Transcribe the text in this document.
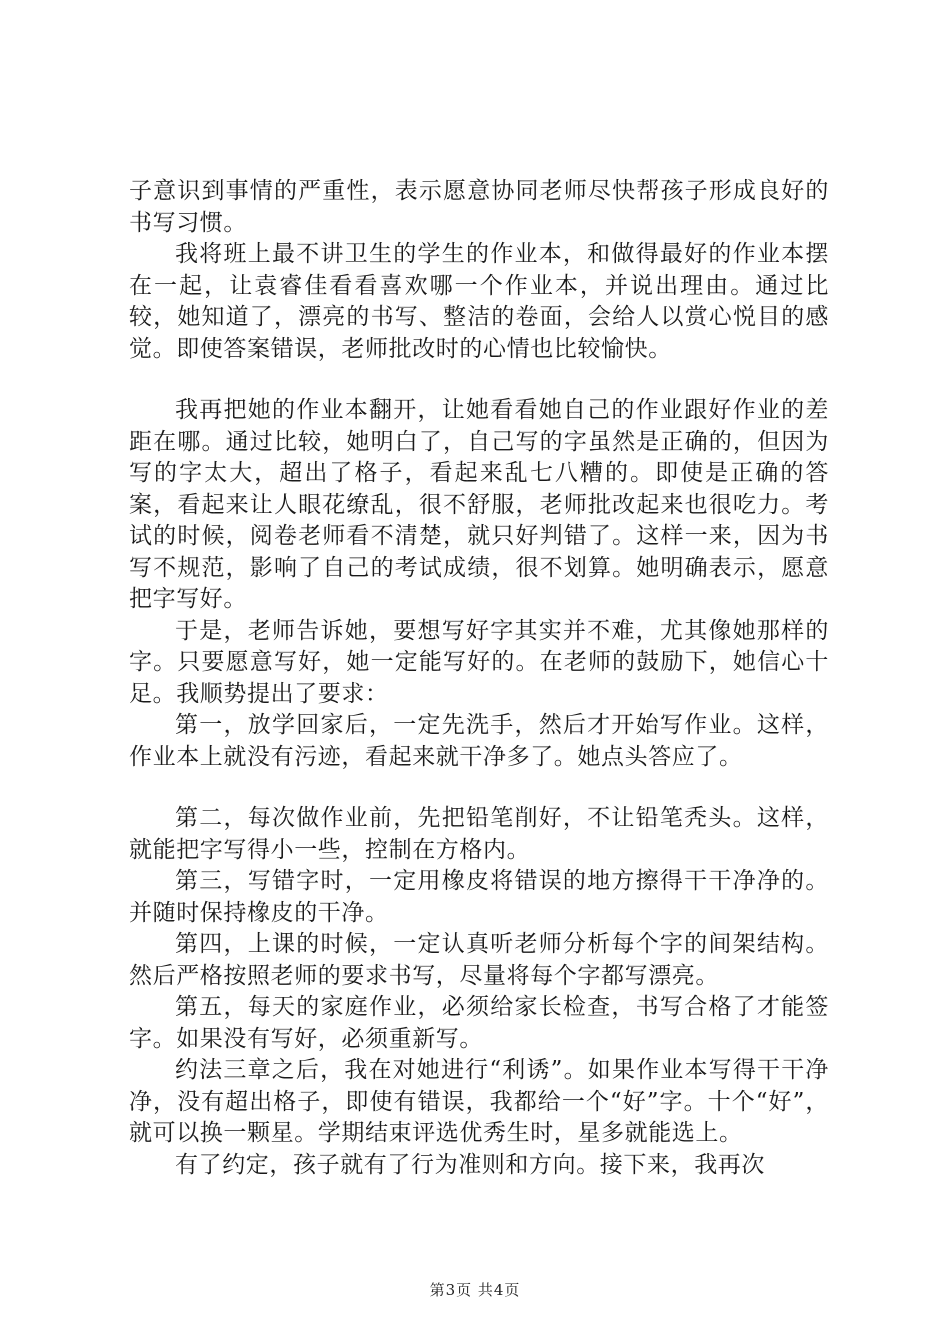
子意识到事情的严重性，表示愿意协同老师尽快帮孩子形成良好的书写习惯。

我将班上最不讲卫生的学生的作业本，和做得最好的作业本摆在一起，让袁睿佳看看喜欢哪一个作业本，并说出理由。通过比较，她知道了，漂亮的书写、整洁的卷面，会给人以赏心悦目的感觉。即使答案错误，老师批改时的心情也比较愉快。

我再把她的作业本翻开，让她看看她自己的作业跟好作业的差距在哪。通过比较，她明白了，自己写的字虽然是正确的，但因为写的字太大，超出了格子，看起来乱七八糟的。即使是正确的答案，看起来让人眼花缭乱，很不舒服，老师批改起来也很吃力。考试的时候，阅卷老师看不清楚，就只好判错了。这样一来，因为书写不规范，影响了自己的考试成绩，很不划算。她明确表示，愿意把字写好。

于是，老师告诉她，要想写好字其实并不难，尤其像她那样的字。只要愿意写好，她一定能写好的。在老师的鼓励下，她信心十足。我顺势提出了要求：

第一，放学回家后，一定先洗手，然后才开始写作业。这样，作业本上就没有污迹，看起来就干净多了。她点头答应了。

第二，每次做作业前，先把铅笔削好，不让铅笔秃头。这样，就能把字写得小一些，控制在方格内。

第三，写错字时，一定用橡皮将错误的地方擦得干干净净的。并随时保持橡皮的干净。

第四，上课的时候，一定认真听老师分析每个字的间架结构。然后严格按照老师的要求书写，尽量将每个字都写漂亮。

第五，每天的家庭作业，必须给家长检查，书写合格了才能签字。如果没有写好，必须重新写。

约法三章之后，我在对她进行“利诱”。如果作业本写得干干净净，没有超出格子，即使有错误，我都给一个“好”字。十个“好”，就可以换一颗星。学期结束评选优秀生时，星多就能选上。

有了约定，孩子就有了行为准则和方向。接下来，我再次

第3页 共4页
